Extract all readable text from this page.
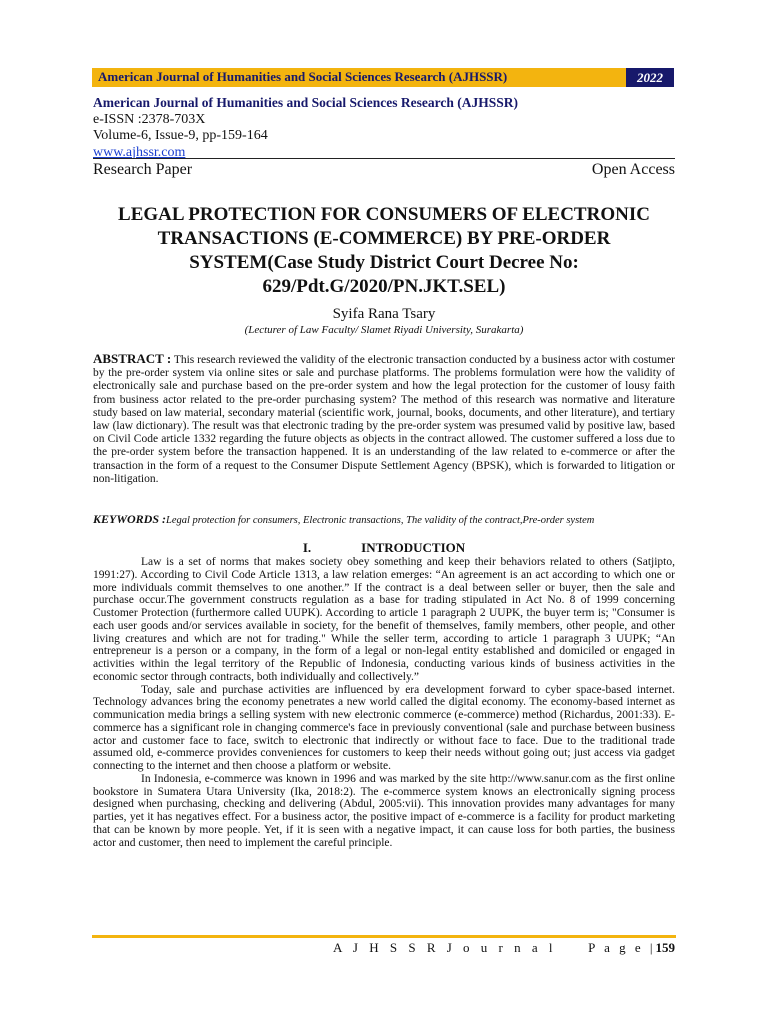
American Journal of Humanities and Social Sciences Research (AJHSSR)	2022
American Journal of Humanities and Social Sciences Research (AJHSSR)
e-ISSN :2378-703X
Volume-6, Issue-9, pp-159-164
www.ajhssr.com
Research Paper	Open Access
LEGAL PROTECTION FOR CONSUMERS OF ELECTRONIC
TRANSACTIONS (E-COMMERCE) BY PRE-ORDER
SYSTEM(Case Study District Court Decree No:
629/Pdt.G/2020/PN.JKT.SEL)
Syifa Rana Tsary
(Lecturer of Law Faculty/ Slamet Riyadi University, Surakarta)
ABSTRACT : This research reviewed the validity of the electronic transaction conducted by a business actor with costumer by the pre-order system via online sites or sale and purchase platforms. The problems formulation were how the validity of electronically sale and purchase based on the pre-order system and how the legal protection for the customer of lousy faith from business actor related to the pre-order purchasing system? The method of this research was normative and literature study based on law material, secondary material (scientific work, journal, books, documents, and other literature), and tertiary law (law dictionary). The result was that electronic trading by the pre-order system was presumed valid by positive law, based on Civil Code article 1332 regarding the future objects as objects in the contract allowed. The customer suffered a loss due to the pre-order system before the transaction happened. It is an understanding of the law related to e-commerce or after the transaction in the form of a request to the Consumer Dispute Settlement Agency (BPSK), which is forwarded to litigation or non-litigation.
KEYWORDS :Legal protection for consumers, Electronic transactions, The validity of the contract,Pre-order system
I.	INTRODUCTION

Law is a set of norms that makes society obey something and keep their behaviors related to others (Satjipto, 1991:27). According to Civil Code Article 1313, a law relation emerges: “An agreement is an act according to which one or more individuals commit themselves to one another.” If the contract is a deal between seller or buyer, then the sale and purchase occur.The government constructs regulation as a base for trading stipulated in Act No. 8 of 1999 concerning Customer Protection (furthermore called UUPK). According to article 1 paragraph 2 UUPK, the buyer term is; "Consumer is each user goods and/or services available in society, for the benefit of themselves, family members, other people, and other living creatures and which are not for trading." While the seller term, according to article 1 paragraph 3 UUPK; “An entrepreneur is a person or a company, in the form of a legal or non-legal entity established and domiciled or engaged in activities within the legal territory of the Republic of Indonesia, conducting various kinds of business activities in the economic sector through contracts, both individually and collectively.”

Today, sale and purchase activities are influenced by era development forward to cyber space-based internet. Technology advances bring the economy penetrates a new world called the digital economy. The economy-based internet as communication media brings a selling system with new electronic commerce (e-commerce) method (Richardus, 2001:33). E-commerce has a significant role in changing commerce's face in previously conventional (sale and purchase between business actor and customer face to face, switch to electronic that indirectly or without face to face. Due to the traditional trade assumed old, e-commerce provides conveniences for customers to keep their needs without going out; just access via gadget connecting to the internet and then choose a platform or website.

In Indonesia, e-commerce was known in 1996 and was marked by the site http://www.sanur.com as the first online bookstore in Sumatera Utara University (Ika, 2018:2). The e-commerce system knows an electronically signing process designed when purchasing, checking and delivering (Abdul, 2005:vii). This innovation provides many advantages for many parties, yet it has negatives effect. For a business actor, the positive impact of e-commerce is a facility for product marketing that can be known by more people. Yet, if it is seen with a negative impact, it can cause loss for both parties, the business actor and customer, then need to implement the careful principle.

A J H S S R J o u r n a l P a g e |159
